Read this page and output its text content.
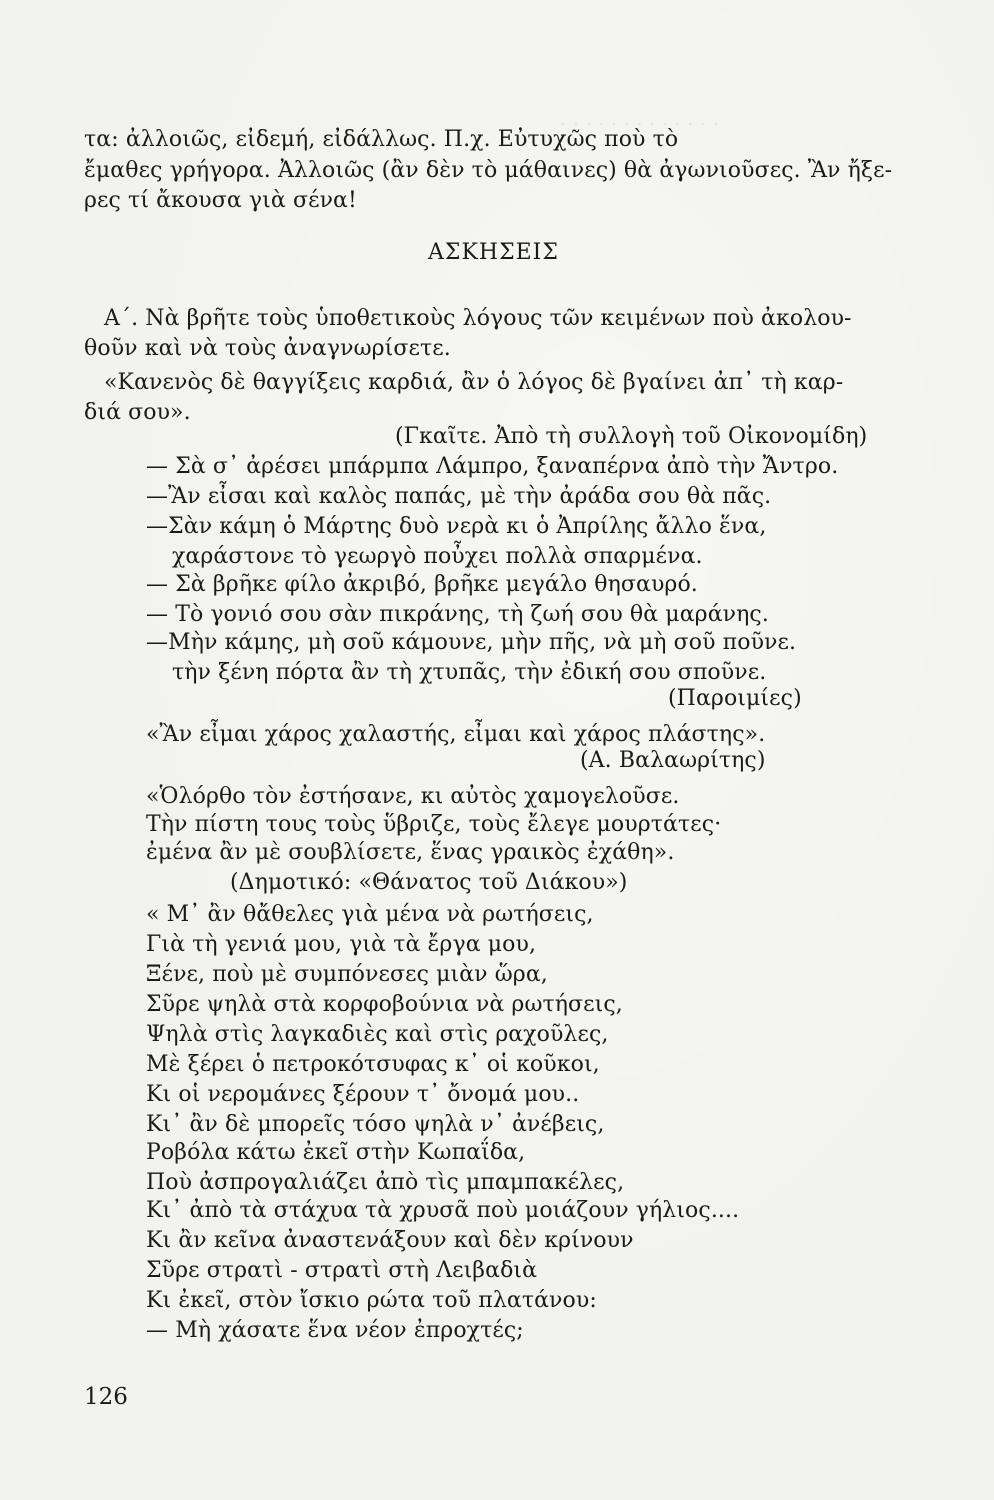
· · · · · · · · · · · · ·
τα: ἀλλοιῶς, εἰδεμή, εἰδάλλως. Π.χ. Εὐτυχῶς ποὺ τὸ
ἔμαθες γρήγορα. Ἀλλοιῶς (ἂν δὲν τὸ μάθαινες) θὰ ἀγωνιοῦσες. Ἂν ἤξε-
ρες τί ἄκουσα γιὰ σένα!
ΑΣΚΗΣΕΙΣ
Α΄. Νὰ βρῆτε τοὺς ὑποθετικοὺς λόγους τῶν κειμένων ποὺ ἀκολου-
θοῦν καὶ νὰ τοὺς ἀναγνωρίσετε.
«Κανενὸς δὲ θαγγίξεις καρδιά, ἂν ὁ λόγος δὲ βγαίνει ἀπ᾿ τὴ καρ-
διά σου».
(Γκαῖτε. Ἀπὸ τὴ συλλογὴ τοῦ Οἰκονομίδη)
— Σὰ σ᾿ ἀρέσει μπάρμπα Λάμπρο, ξαναπέρνα ἀπὸ τὴν Ἄντρο.
—Ἂν εἶσαι καὶ καλὸς παπάς, μὲ τὴν ἀράδα σου θὰ πᾶς.
—Σὰν κάμη ὁ Μάρτης δυὸ νερὰ κι ὁ Ἀπρίλης ἄλλο ἕνα,
χαράστονε τὸ γεωργὸ ποὖχει πολλὰ σπαρμένα.
— Σὰ βρῆκε φίλο ἀκριβό, βρῆκε μεγάλο θησαυρό.
— Τὸ γονιό σου σὰν πικράνης, τὴ ζωή σου θὰ μαράνης.
—Μὴν κάμης, μὴ σοῦ κάμουνε, μὴν πῆς, νὰ μὴ σοῦ ποῦνε.
τὴν ξένη πόρτα ἂν τὴ χτυπᾶς, τὴν ἐδική σου σποῦνε.
(Παροιμίες)
«Ἂν εἶμαι χάρος χαλαστής, εἶμαι καὶ χάρος πλάστης».
(Α. Βαλαωρίτης)
«Ὁλόρθο τὸν ἐστήσανε, κι αὐτὸς χαμογελοῦσε.
Τὴν πίστη τους τοὺς ὕβριζε, τοὺς ἔλεγε μουρτάτες·
ἐμένα ἂν μὲ σουβλίσετε, ἕνας γραικὸς ἐχάθη».
(Δημοτικό: «Θάνατος τοῦ Διάκου»)
« Μ᾿ ἂν θἄθελες γιὰ μένα νὰ ρωτήσεις,
Γιὰ τὴ γενιά μου, γιὰ τὰ ἔργα μου,
Ξένε, ποὺ μὲ συμπόνεσες μιὰν ὥρα,
Σῦρε ψηλὰ στὰ κορφοβούνια νὰ ρωτήσεις,
Ψηλὰ στὶς λαγκαδιὲς καὶ στὶς ραχοῦλες,
Μὲ ξέρει ὁ πετροκότσυφας κ᾿ οἱ κοῦκοι,
Κι οἱ νερομάνες ξέρουν τ᾿ ὄνομά μου..
Κι᾿ ἂν δὲ μπορεῖς τόσο ψηλὰ ν᾿ ἀνέβεις,
Ροβόλα κάτω ἐκεῖ στὴν Κωπαΐδα,
Ποὺ ἀσπρογαλιάζει ἀπὸ τὶς μπαμπακέλες,
Κι᾿ ἀπὸ τὰ στάχυα τὰ χρυσᾶ ποὺ μοιάζουν γήλιος....
Κι ἂν κεῖνα ἀναστενάξουν καὶ δὲν κρίνουν
Σῦρε στρατὶ - στρατὶ στὴ Λειβαδιὰ
Κι ἐκεῖ, στὸν ἴσκιο ρώτα τοῦ πλατάνου:
— Μὴ χάσατε ἕνα νέον ἐπροχτές;
126
